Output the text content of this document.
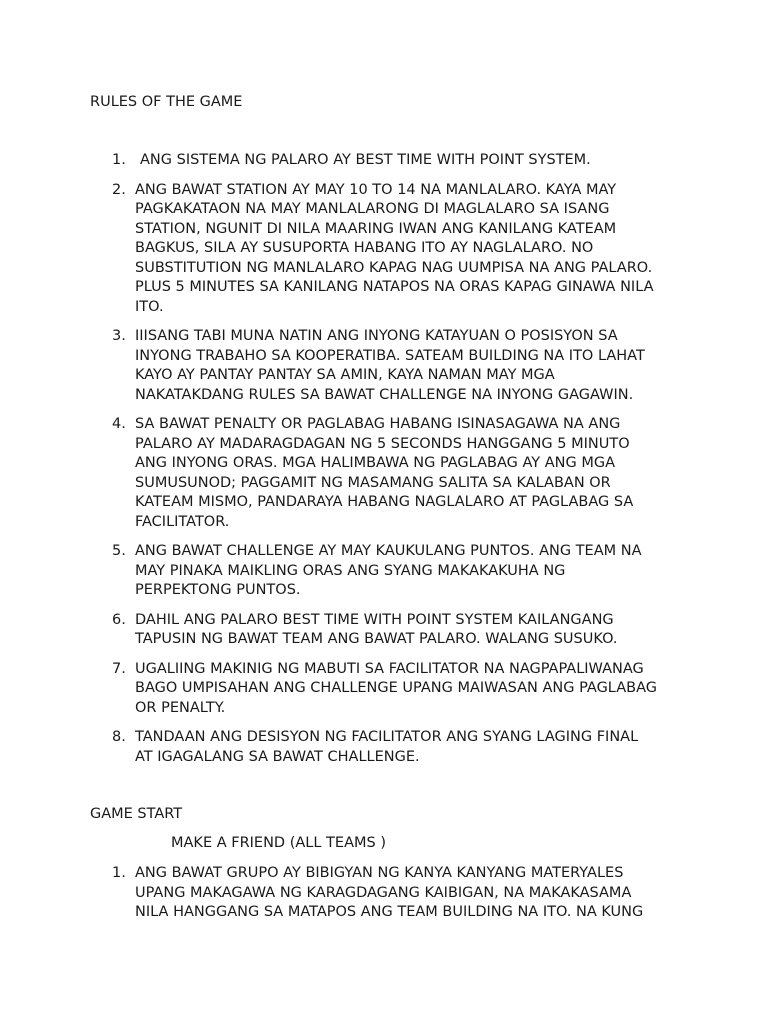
RULES OF THE GAME
1. ANG SISTEMA NG PALARO AY BEST TIME WITH POINT SYSTEM.
2. ANG BAWAT STATION AY MAY 10 TO 14 NA MANLALARO. KAYA MAY
PAGKAKATAON NA MAY MANLALARONG DI MAGLALARO SA ISANG
STATION, NGUNIT DI NILA MAARING IWAN ANG KANILANG KATEAM
BAGKUS, SILA AY SUSUPORTA HABANG ITO AY NAGLALARO. NO
SUBSTITUTION NG MANLALARO KAPAG NAG UUMPISA NA ANG PALARO.
PLUS 5 MINUTES SA KANILANG NATAPOS NA ORAS KAPAG GINAWA NILA
ITO.
3. IIISANG TABI MUNA NATIN ANG INYONG KATAYUAN O POSISYON SA
INYONG TRABAHO SA KOOPERATIBA. SATEAM BUILDING NA ITO LAHAT
KAYO AY PANTAY PANTAY SA AMIN, KAYA NAMAN MAY MGA
NAKATAKDANG RULES SA BAWAT CHALLENGE NA INYONG GAGAWIN.
4. SA BAWAT PENALTY OR PAGLABAG HABANG ISINASAGAWA NA ANG
PALARO AY MADARAGDAGAN NG 5 SECONDS HANGGANG 5 MINUTO
ANG INYONG ORAS. MGA HALIMBAWA NG PAGLABAG AY ANG MGA
SUMUSUNOD; PAGGAMIT NG MASAMANG SALITA SA KALABAN OR
KATEAM MISMO, PANDARAYA HABANG NAGLALARO AT PAGLABAG SA
FACILITATOR.
5. ANG BAWAT CHALLENGE AY MAY KAUKULANG PUNTOS. ANG TEAM NA
MAY PINAKA MAIKLING ORAS ANG SYANG MAKAKAKUHA NG
PERPEKTONG PUNTOS.
6. DAHIL ANG PALARO BEST TIME WITH POINT SYSTEM KAILANGANG
TAPUSIN NG BAWAT TEAM ANG BAWAT PALARO. WALANG SUSUKO.
7. UGALIING MAKINIG NG MABUTI SA FACILITATOR NA NAGPAPALIWANAG
BAGO UMPISAHAN ANG CHALLENGE UPANG MAIWASAN ANG PAGLABAG
OR PENALTY.
8. TANDAAN ANG DESISYON NG FACILITATOR ANG SYANG LAGING FINAL
AT IGAGALANG SA BAWAT CHALLENGE.
GAME START
MAKE A FRIEND (ALL TEAMS )
1. ANG BAWAT GRUPO AY BIBIGYAN NG KANYA KANYANG MATERYALES
UPANG MAKAGAWA NG KARAGDAGANG KAIBIGAN, NA MAKAKASAMA
NILA HANGGANG SA MATAPOS ANG TEAM BUILDING NA ITO. NA KUNG
